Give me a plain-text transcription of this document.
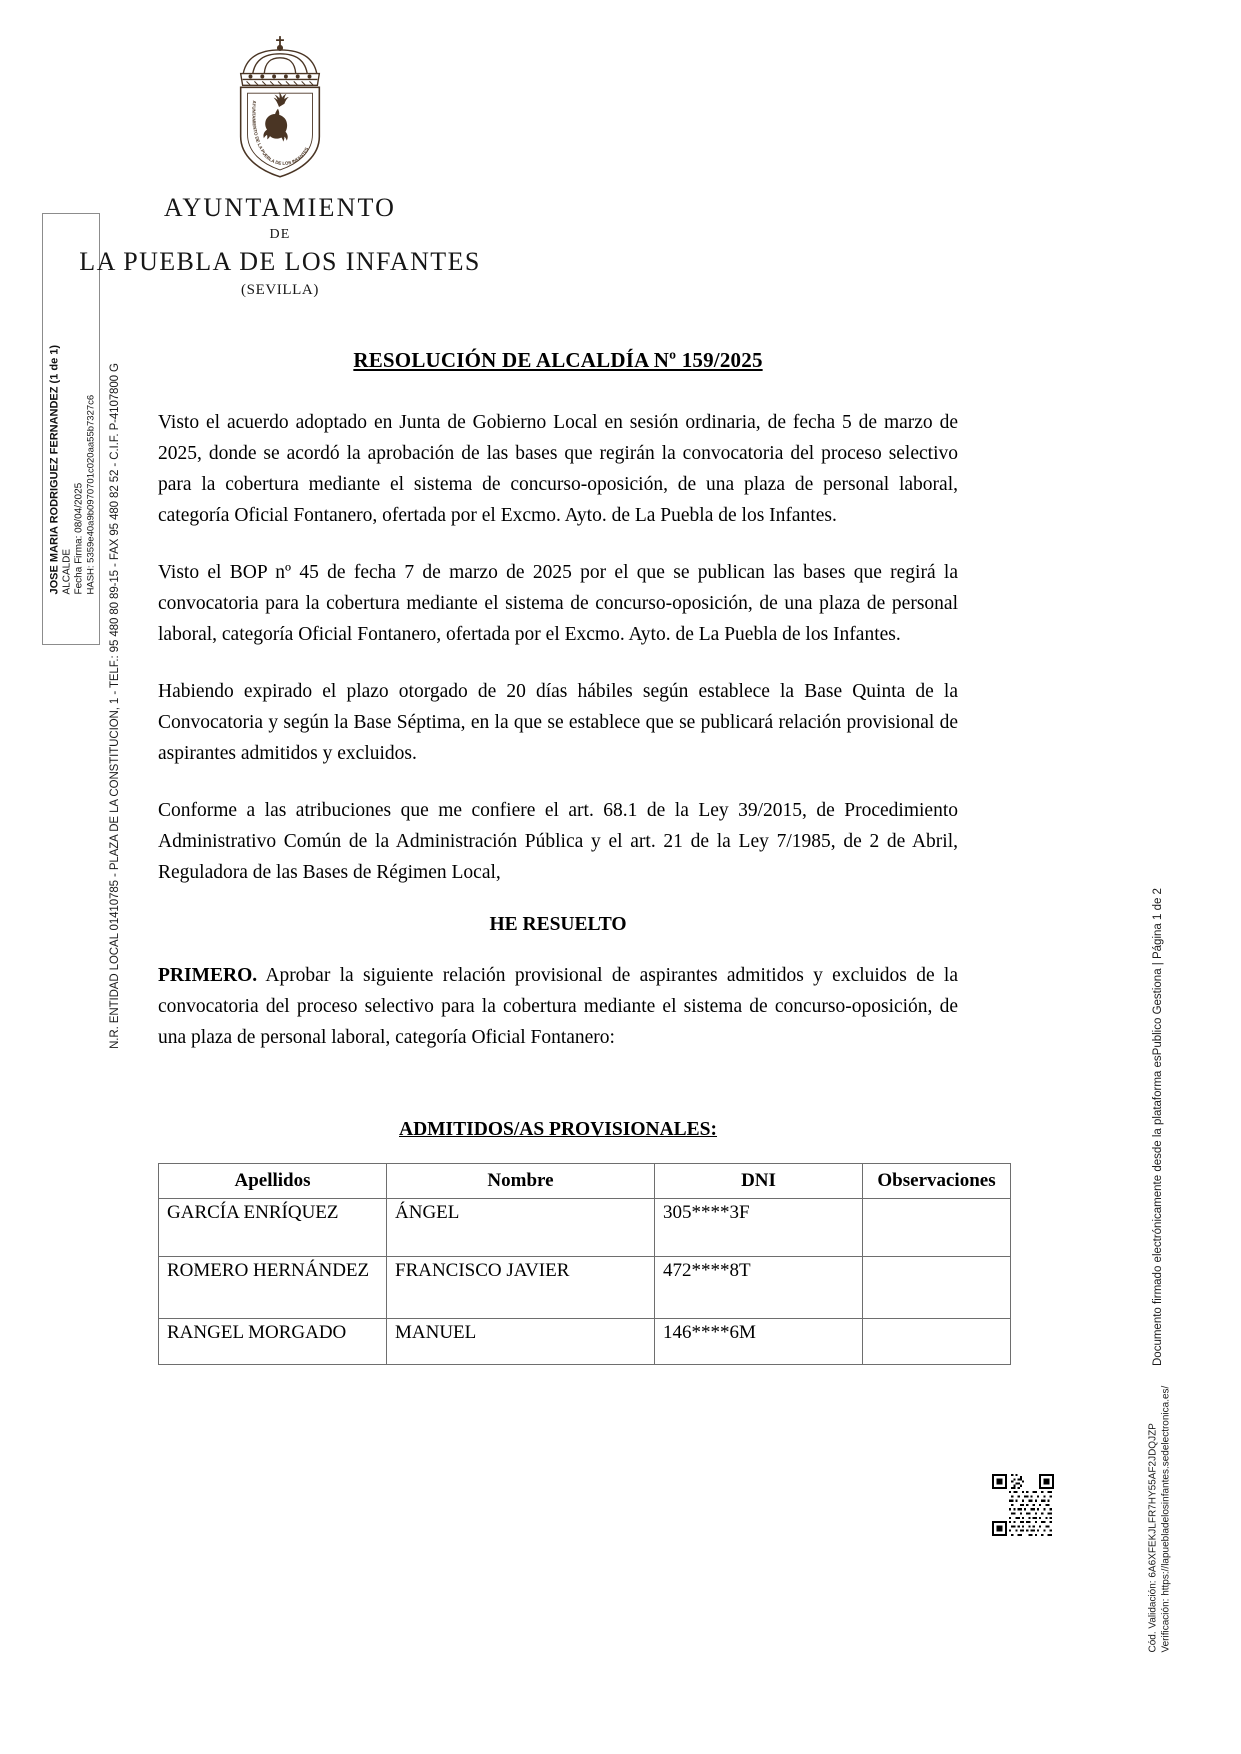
N.R. ENTIDAD LOCAL 01410785 - PLAZA DE LA CONSTITUCION, 1 - TELF.: 95 480 80 89-15 - FAX 95 480 82 52 - C.I.F. P-4107800 G
JOSE MARIA RODRIGUEZ FERNANDEZ (1 de 1) ALCALDE Fecha Firma: 08/04/2025 HASH: 5359e40a9b0970701c020aa55b7327c6
Documento firmado electrónicamente desde la plataforma esPublico Gestiona | Página 1 de 2
Cód. Validación: 6A6XFEKJLFR7HY55AF2JDQJZP Verificación: https://lapuebladelosinfantes.sedelectronica.es/
AYUNTAMIENTO DE LA PUEBLA DE LOS INFANTES
AYUNTAMIENTO
DE
LA PUEBLA DE LOS INFANTES
(SEVILLA)
RESOLUCIÓN DE ALCALDÍA Nº 159/2025

Visto el acuerdo adoptado en Junta de Gobierno Local en sesión ordinaria, de fecha 5 de marzo de 2025, donde se acordó la aprobación de las bases que regirán la convocatoria del proceso selectivo para la cobertura mediante el sistema de concurso-oposición, de una plaza de personal laboral, categoría Oficial Fontanero, ofertada por el Excmo. Ayto. de La Puebla de los Infantes.

Visto el BOP nº 45 de fecha 7 de marzo de 2025 por el que se publican las bases que regirá la convocatoria para la cobertura mediante el sistema de concurso-oposición, de una plaza de personal laboral, categoría Oficial Fontanero, ofertada por el Excmo. Ayto. de La Puebla de los Infantes.

Habiendo expirado el plazo otorgado de 20 días hábiles según establece la Base Quinta de la Convocatoria y según la Base Séptima, en la que se establece que se publicará relación provisional de aspirantes admitidos y excluidos.

Conforme a las atribuciones que me confiere el art. 68.1 de la Ley 39/2015, de Procedimiento Administrativo Común de la Administración Pública y el art. 21 de la Ley 7/1985, de 2 de Abril, Reguladora de las Bases de Régimen Local,

HE RESUELTO

PRIMERO. Aprobar la siguiente relación provisional de aspirantes admitidos y excluidos de la convocatoria del proceso selectivo para la cobertura mediante el sistema de concurso-oposición, de una plaza de personal laboral, categoría Oficial Fontanero:

ADMITIDOS/AS PROVISIONALES:
Apellidos	Nombre	DNI	Observaciones
GARCÍA ENRÍQUEZ	ÁNGEL	305****3F	
ROMERO HERNÁNDEZ	FRANCISCO JAVIER	472****8T	
RANGEL MORGADO	MANUEL	146****6M	
